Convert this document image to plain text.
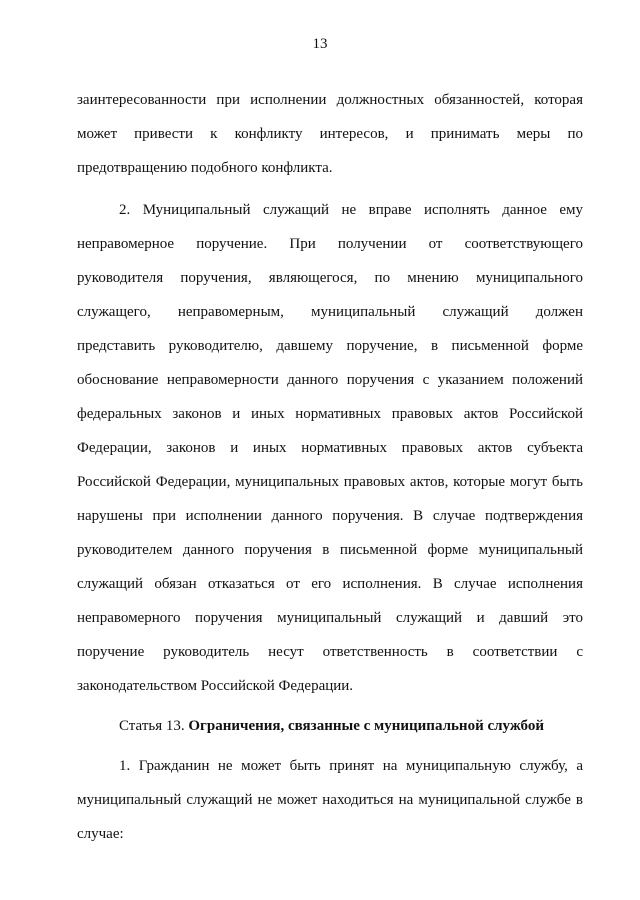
13
заинтересованности при исполнении должностных обязанностей, которая
может привести к конфликту интересов, и принимать меры по
предотвращению подобного конфликта.
2. Муниципальный служащий не вправе исполнять данное ему
неправомерное поручение. При получении от соответствующего
руководителя поручения, являющегося, по мнению муниципального
служащего, неправомерным, муниципальный служащий должен
представить руководителю, давшему поручение, в письменной форме
обоснование неправомерности данного поручения с указанием положений
федеральных законов и иных нормативных правовых актов Российской
Федерации, законов и иных нормативных правовых актов субъекта
Российской Федерации, муниципальных правовых актов, которые могут быть
нарушены при исполнении данного поручения. В случае подтверждения
руководителем данного поручения в письменной форме муниципальный
служащий обязан отказаться от его исполнения. В случае исполнения
неправомерного поручения муниципальный служащий и давший это
поручение руководитель несут ответственность в соответствии с
законодательством Российской Федерации.
Статья 13. Ограничения, связанные с муниципальной службой
1. Гражданин не может быть принят на муниципальную службу, а
муниципальный служащий не может находиться на муниципальной службе в
случае:
